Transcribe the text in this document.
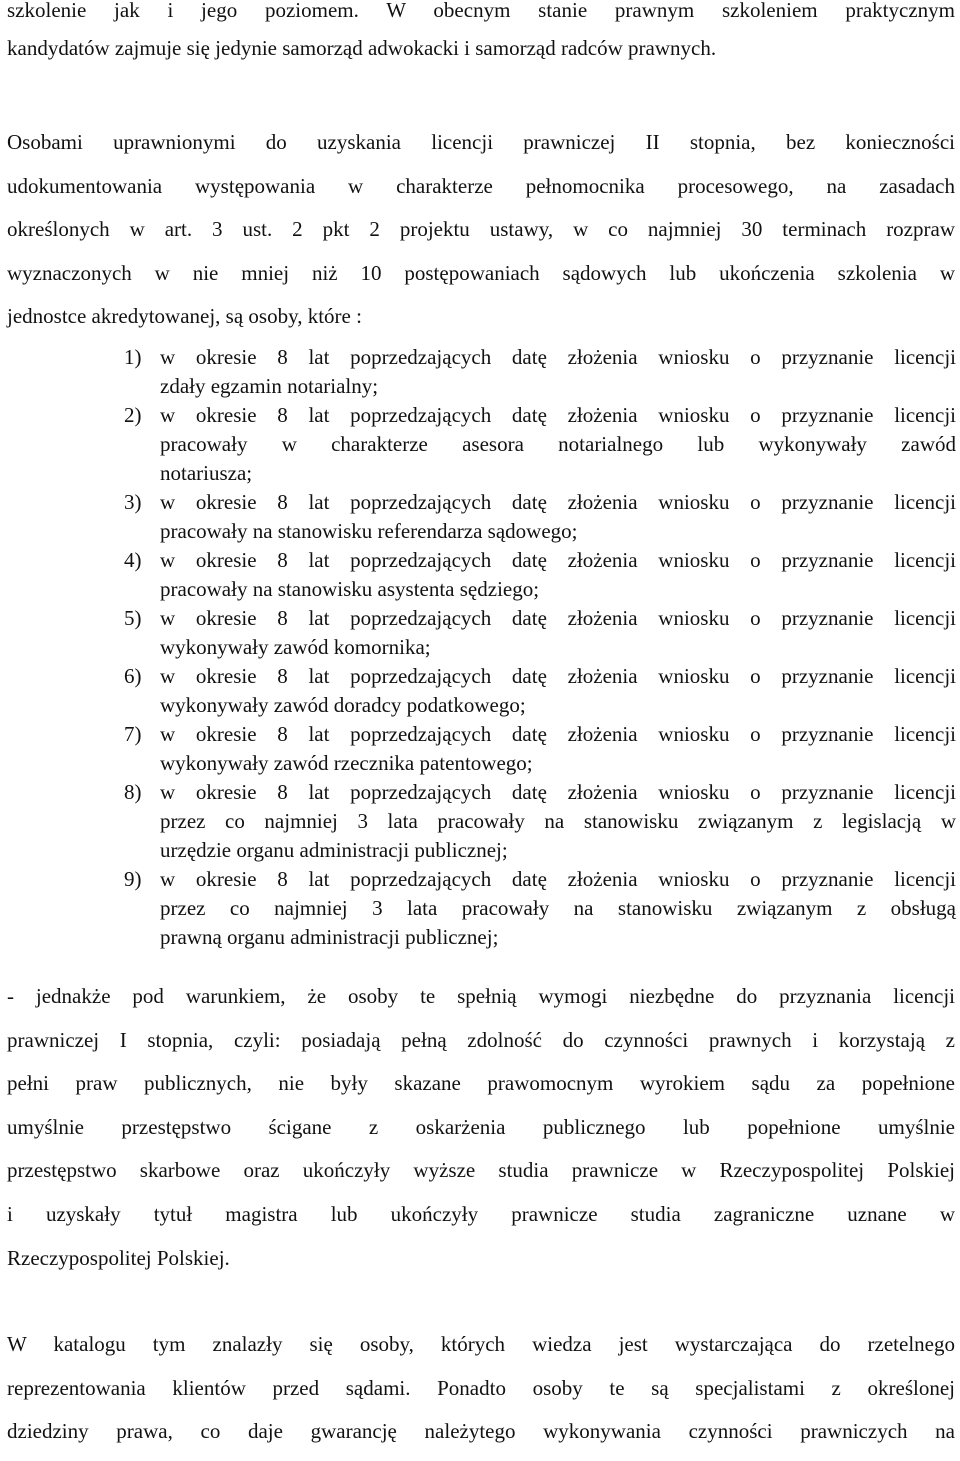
szkolenie jak i jego poziomem. W obecnym stanie prawnym szkoleniem praktycznym
kandydatów zajmuje się jedynie samorząd adwokacki i samorząd radców prawnych.
Osobami uprawnionymi do uzyskania licencji prawniczej II stopnia, bez konieczności
udokumentowania występowania w charakterze pełnomocnika procesowego, na zasadach
określonych w art. 3 ust. 2 pkt 2 projektu ustawy, w co najmniej 30 terminach rozpraw
wyznaczonych w nie mniej niż 10 postępowaniach sądowych lub ukończenia szkolenia w
jednostce akredytowanej, są osoby, które :
1) w okresie 8 lat poprzedzających datę złożenia wniosku o przyznanie licencji
zdały egzamin notarialny;
2) w okresie 8 lat poprzedzających datę złożenia wniosku o przyznanie licencji
pracowały w charakterze asesora notarialnego lub wykonywały zawód
notariusza;
3) w okresie 8 lat poprzedzających datę złożenia wniosku o przyznanie licencji
pracowały na stanowisku referendarza sądowego;
4) w okresie 8 lat poprzedzających datę złożenia wniosku o przyznanie licencji
pracowały na stanowisku asystenta sędziego;
5) w okresie 8 lat poprzedzających datę złożenia wniosku o przyznanie licencji
wykonywały zawód komornika;
6) w okresie 8 lat poprzedzających datę złożenia wniosku o przyznanie licencji
wykonywały zawód doradcy podatkowego;
7) w okresie 8 lat poprzedzających datę złożenia wniosku o przyznanie licencji
wykonywały zawód rzecznika patentowego;
8) w okresie 8 lat poprzedzających datę złożenia wniosku o przyznanie licencji
przez co najmniej 3 lata pracowały na stanowisku związanym z legislacją w
urzędzie organu administracji publicznej;
9) w okresie 8 lat poprzedzających datę złożenia wniosku o przyznanie licencji
przez co najmniej 3 lata pracowały na stanowisku związanym z obsługą
prawną organu administracji publicznej;
- jednakże pod warunkiem, że osoby te spełnią wymogi niezbędne do przyznania licencji
prawniczej I stopnia, czyli: posiadają pełną zdolność do czynności prawnych i korzystają z
pełni praw publicznych, nie były skazane prawomocnym wyrokiem sądu za popełnione
umyślnie przestępstwo ścigane z oskarżenia publicznego lub popełnione umyślnie
przestępstwo skarbowe oraz ukończyły wyższe studia prawnicze w Rzeczypospolitej Polskiej
i uzyskały tytuł magistra lub ukończyły prawnicze studia zagraniczne uznane w
Rzeczypospolitej Polskiej.
W katalogu tym znalazły się osoby, których wiedza jest wystarczająca do rzetelnego
reprezentowania klientów przed sądami. Ponadto osoby te są specjalistami z określonej
dziedziny prawa, co daje gwarancję należytego wykonywania czynności prawniczych na
